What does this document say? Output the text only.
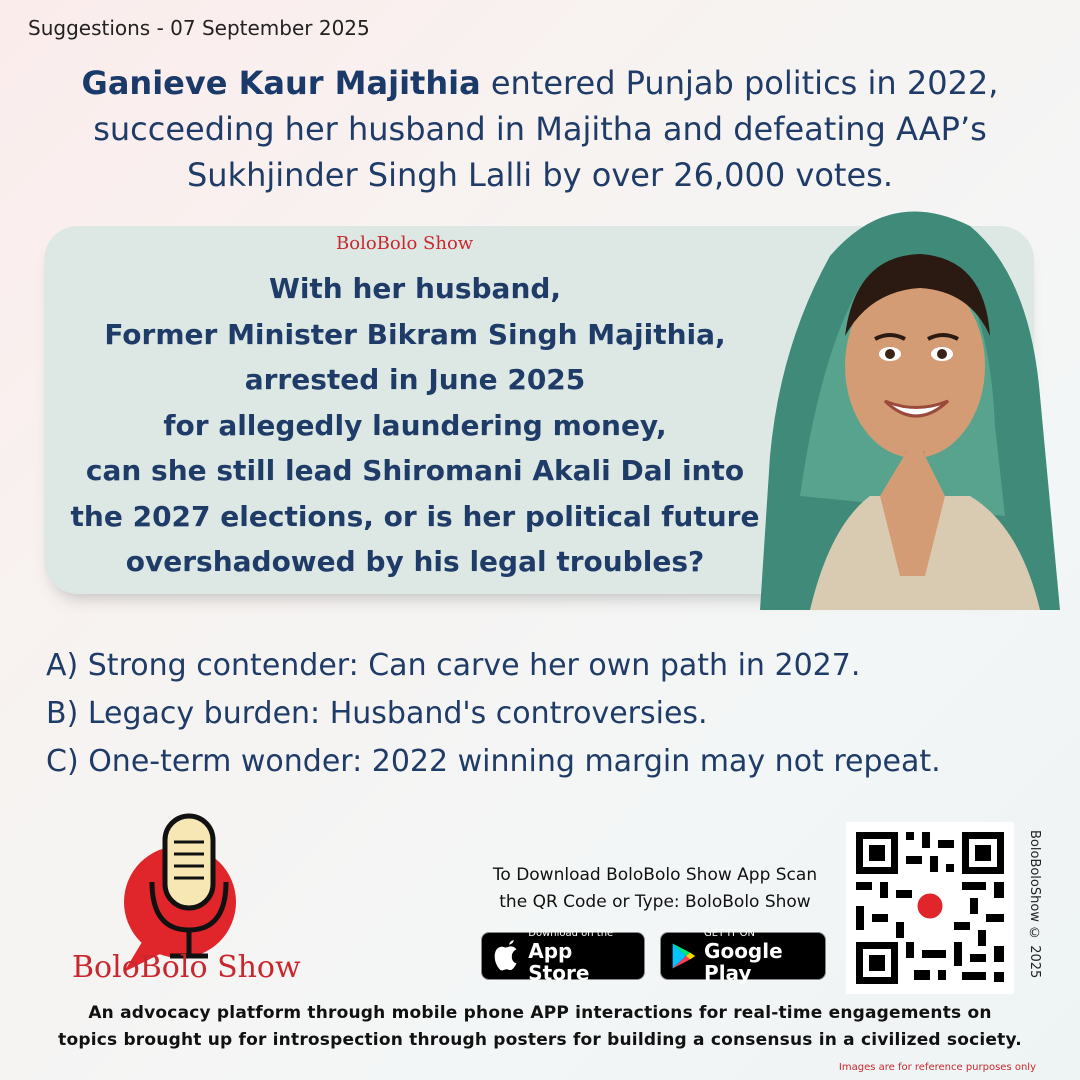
Suggestions - 07 September 2025
Ganieve Kaur Majithia entered Punjab politics in 2022,
succeeding her husband in Majitha and defeating AAP’s
Sukhjinder Singh Lalli by over 26,000 votes.
BoloBolo Show
With her husband,
Former Minister Bikram Singh Majithia,
arrested in June 2025
for allegedly laundering money,
can she still lead Shiromani Akali Dal into
the 2027 elections, or is her political future
overshadowed by his legal troubles?
A) Strong contender: Can carve her own path in 2027.
B) Legacy burden: Husband's controversies.
C) One-term wonder: 2022 winning margin may not repeat.
BoloBolo Show
To Download BoloBolo Show App Scan
the QR Code or Type: BoloBolo Show
Download on the
App Store
GET IT ON
Google Play	BoloBoloShow © 2025
An advocacy platform through mobile phone APP interactions for real-time engagements on
topics brought up for introspection through posters for building a consensus in a civilized society.
Images are for reference purposes only
